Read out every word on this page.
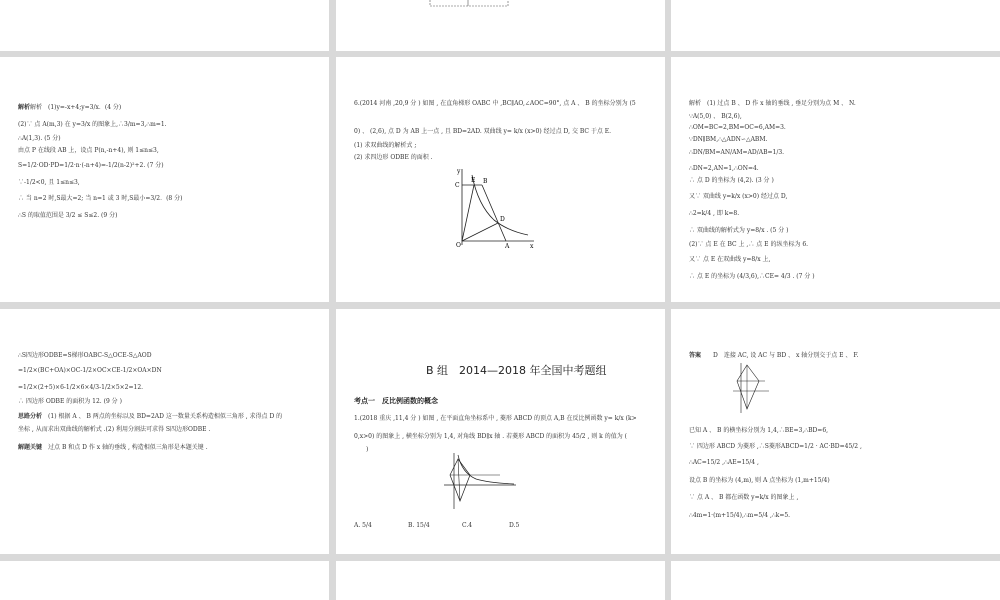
解析解析　(1)y=-x+4;y=3/x．(4 分)
(2)∵ 点 A(m,3) 在 y=3/x 的图象上,∴3/m=3,∴m=1.
∴A(1,3). (5 分)
由点 P 在线段 AB 上，设点 P(n,-n+4), 则 1≤n≤3,
S=1/2·OD·PD=1/2·n·(-n+4)=-1/2(n-2)²+2. (7 分)
∵-1/2<0, 且 1≤n≤3,
∴ 当 n=2 时,S最大=2; 当 n=1 或 3 时,S最小=3/2．(8 分)
∴S 的取值范围是 3/2 ≤ S≤2. (9 分)
6.(2014 河南 ,20,9 分 ) 如图 , 在直角梯形 OABC 中 ,BC∥AO,∠AOC=90°, 点 A 、 B 的坐标分别为 (5
0) 、 (2,6), 点 D 为 AB 上一点 , 且 BD=2AD. 双曲线 y= k/x (x>0) 经过点 D, 交 BC 于点 E.
(1) 求双曲线的解析式 ;
(2) 求四边形 ODBE 的面积 .
y
C
E B
D
O	A	x
解析　(1) 过点 B 、 D 作 x 轴的垂线 , 垂足分别为点 M 、 N.
∵A(5,0) 、 B(2,6),
∴OM=BC=2,BM=OC=6,AM=3.
∵DN∥BM,∴△ADN∽△ABM.
∴DN/BM=AN/AM=AD/AB=1/3.
∴DN=2,AN=1,∴ON=4.
∴ 点 D 的坐标为 (4,2). (3 分 )
又∵ 双曲线 y=k/x (x>0) 经过点 D,
∴2=k/4 , 即 k=8.
∴ 双曲线的解析式为 y=8/x . (5 分 )
(2)∵ 点 E 在 BC 上 ,∴ 点 E 的纵坐标为 6.
又∵ 点 E 在双曲线 y=8/x 上,
∴ 点 E 的坐标为 (4/3,6),∴CE= 4/3 . (7 分 )
∴S四边形ODBE=S梯形OABC-S△OCE-S△AOD
=1/2×(BC+OA)×OC-1/2×OC×CE-1/2×OA×DN
=1/2×(2+5)×6-1/2×6×4/3-1/2×5×2=12.
∴ 四边形 ODBE 的面积为 12. (9 分 )
思路分析　 (1) 根据 A 、 B 两点的坐标以及 BD=2AD 这一数量关系构造相似三角形 , 求得点 D 的
坐标 , 从而求出双曲线的解析式 .(2) 利用分割法可求得 S四边形ODBE .
解题关键　 过点 B 和点 D 作 x 轴的垂线 , 构造相似三角形是本题关键 .
B 组　2014—2018 年全国中考题组
考点一　反比例函数的概念
1.(2018 重庆 ,11,4 分 ) 如图 , 在平面直角坐标系中 , 菱形 ABCD 的顶点 A,B 在反比例函数 y= k/x (k>
0,x>0) 的图象上 , 横坐标分别为 1,4, 对角线 BD∥x 轴 . 若菱形 ABCD 的面积为 45/2 , 则 k 的值为 (
)
A. 5/4	B. 15/4	C.4	D.5
答案　　 D　连接 AC, 设 AC 与 BD 、 x 轴分别交于点 E 、 F.
已知 A 、 B 的横坐标分别为 1,4,∴BE=3,∴BD=6,
∵ 四边形 ABCD 为菱形 ,∴S菱形ABCD=1/2 · AC·BD=45/2 ,
∴AC=15/2 ,∴AE=15/4 ,
设点 B 的坐标为 (4,m), 则 A 点坐标为 (1,m+15/4)
∵ 点 A 、 B 都在函数 y=k/x 的图象上 ,
∴4m=1·(m+15/4),∴m=5/4 ,∴k=5.
